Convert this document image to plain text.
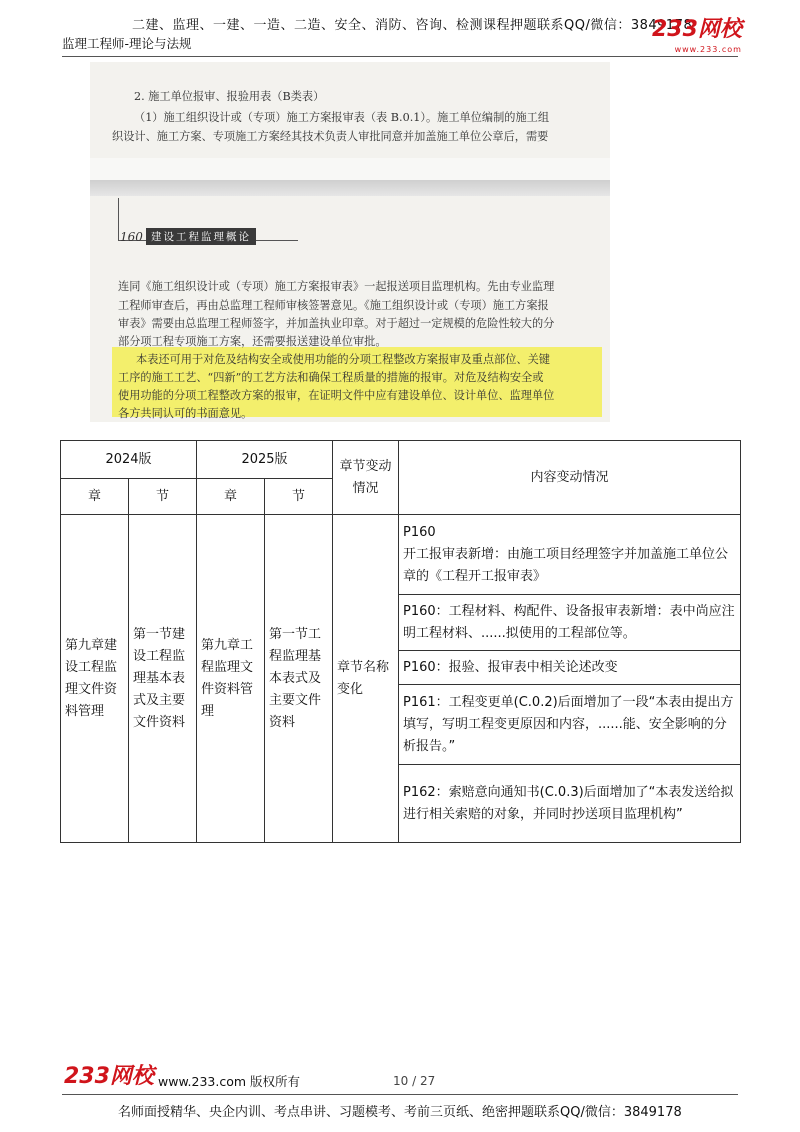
二建、监理、一建、一造、二造、安全、消防、咨询、检测课程押题联系QQ/微信：3849178
监理工程师-理论与法规
233网校
www.233.com
2. 施工单位报审、报验用表（B类表）
（1）施工组织设计或（专项）施工方案报审表（表 B.0.1）。施工单位编制的施工组
织设计、施工方案、专项施工方案经其技术负责人审批同意并加盖施工单位公章后，需要
160 建设工程监理概论
连同《施工组织设计或（专项）施工方案报审表》一起报送项目监理机构。先由专业监理
工程师审查后，再由总监理工程师审核签署意见。《施工组织设计或（专项）施工方案报
审表》需要由总监理工程师签字，并加盖执业印章。对于超过一定规模的危险性较大的分
部分项工程专项施工方案，还需要报送建设单位审批。
本表还可用于对危及结构安全或使用功能的分项工程整改方案报审及重点部位、关键
工序的施工工艺、“四新”的工艺方法和确保工程质量的措施的报审。对危及结构安全或
使用功能的分项工程整改方案的报审，在证明文件中应有建设单位、设计单位、监理单位
各方共同认可的书面意见。
2024版		2025版		章节变动情况	内容变动情况
章	节	章	节		
第九章建设工程监理文件资料管理	第一节建设工程监理基本表式及主要文件资料	第九章工程监理文件资料管理	第一节工程监理基本表式及主要文件资料	章节名称变化	P160
开工报审表新增：由施工项目经理签字并加盖施工单位公章的《工程开工报审表》
					P160：工程材料、构配件、设备报审表新增：表中尚应注明工程材料、......拟使用的工程部位等。
					P160：报验、报审表中相关论述改变
					P161：工程变更单(C.0.2)后面增加了一段“本表由提出方填写，写明工程变更原因和内容，......能、安全影响的分 析报告。”
					P162：索赔意向通知书(C.0.3)后面增加了“本表发送给拟进行相关索赔的对象，并同时抄送项目监理机构”
233网校 www.233.com 版权所有	10 / 27
名师面授精华、央企内训、考点串讲、习题模考、考前三页纸、绝密押题联系QQ/微信：3849178
